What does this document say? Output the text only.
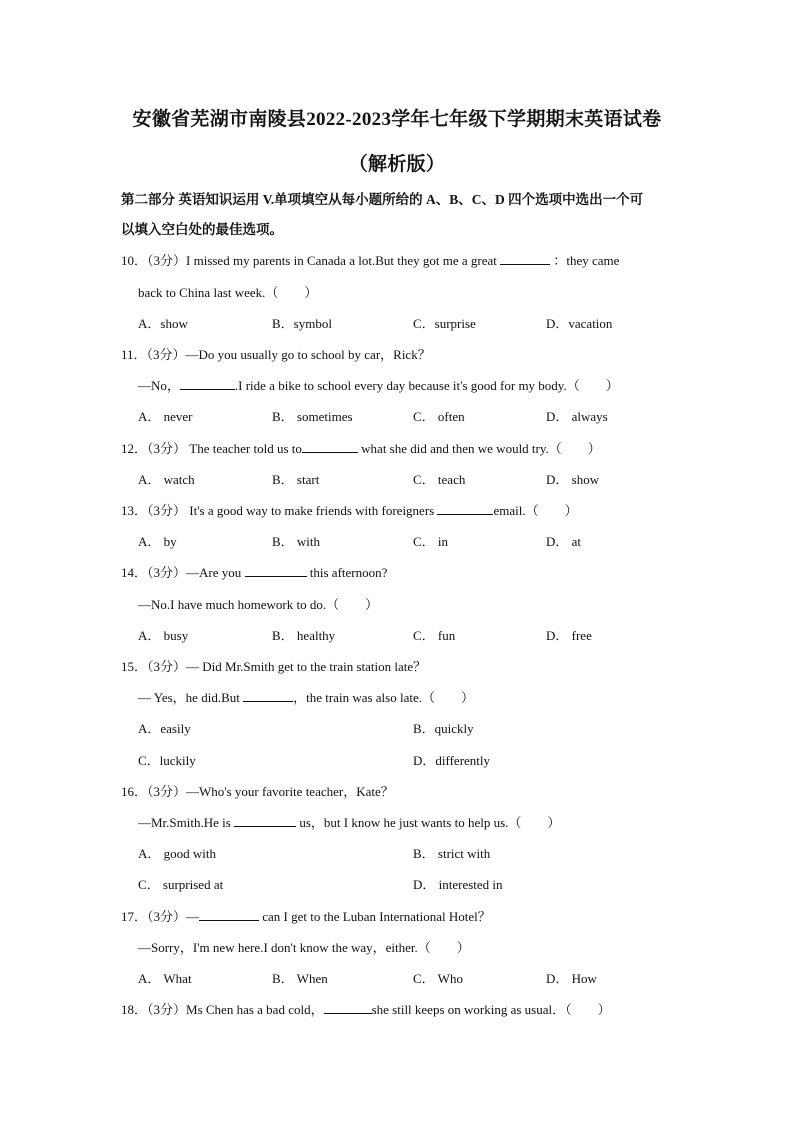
安徽省芜湖市南陵县2022-2023学年七年级下学期期末英语试卷
（解析版）
第二部分 英语知识运用 V.单项填空从每小题所给的 A、B、C、D 四个选项中选出一个可
以填入空白处的最佳选项。
10．（3分）I missed my parents in Canada a lot.But they got me a great	：they came
back to China last week.（　　）
A．show	B．symbol	C．surprise	D．vacation
11．（3分）—Do you usually go to school by car，Rick？
—No，	.I ride a bike to school every day because it's good for my body.（　　）
A． never	B． sometimes	C． often	D． always
12．（3分） The teacher told us to	what she did and then we would try.（　　）
A． watch	B． start	C． teach	D． show
13．（3分） It's a good way to make friends with foreigners	email.（　　）
A． by	B． with	C． in	D． at
14．（3分）—Are you	this afternoon?
—No.I have much homework to do.（　　）
A． busy	B． healthy	C． fun	D． free
15．（3分）— Did Mr.Smith get to the train station late？
— Yes，he did.But	，the train was also late.（　　）
A．easily	B．quickly
C．luckily	D．differently
16．（3分）—Who's your favorite teacher，Kate？
—Mr.Smith.He is	us，but I know he just wants to help us.（　　）
A． good with	B． strict with
C． surprised at	D． interested in
17．（3分）—	can I get to the Luban International Hotel？
—Sorry，I'm new here.I don't know the way，either.（　　）
A． What	B． When	C． Who	D． How
18．（3分）Ms Chen has a bad cold，	she still keeps on working as usual．（　　）
